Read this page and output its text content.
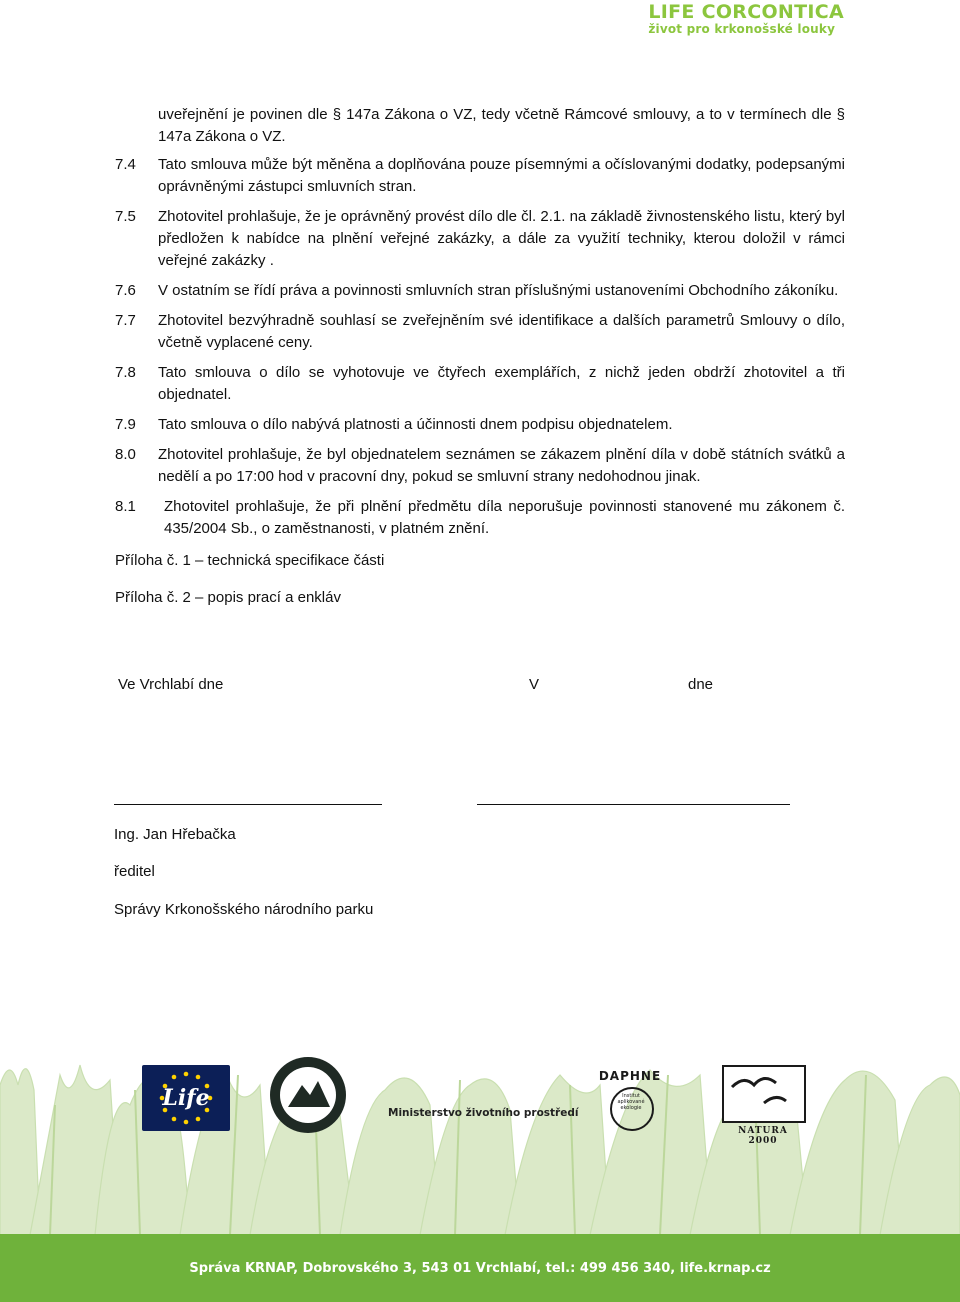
LIFE CORCONTICA
život pro krkonošské louky

uveřejnění je povinen dle § 147a Zákona o VZ, tedy včetně Rámcové smlouvy, a to v termínech dle § 147a Zákona o VZ.

7.4 Tato smlouva může být měněna a doplňována pouze písemnými a očíslovanými dodatky, podepsanými oprávněnými zástupci smluvních stran.

7.5 Zhotovitel prohlašuje, že je oprávněný provést dílo dle čl. 2.1. na základě živnostenského listu, který byl předložen k nabídce na plnění veřejné zakázky, a dále za využití techniky, kterou doložil v rámci veřejné zakázky .

7.6 V ostatním se řídí práva a povinnosti smluvních stran příslušnými ustanoveními Obchodního zákoníku.

7.7 Zhotovitel bezvýhradně souhlasí se zveřejněním své identifikace a dalších parametrů Smlouvy o dílo, včetně vyplacené ceny.

7.8 Tato smlouva o dílo se vyhotovuje ve čtyřech exemplářích, z nichž jeden obdrží zhotovitel a tři objednatel.

7.9 Tato smlouva o dílo nabývá platnosti a účinnosti dnem podpisu objednatelem.

8.0 Zhotovitel prohlašuje, že byl objednatelem seznámen se zákazem plnění díla v době státních svátků a nedělí a po 17:00 hod v pracovní dny, pokud se smluvní strany nedohodnou jinak.

8.1 Zhotovitel prohlašuje, že při plnění předmětu díla neporušuje povinnosti stanovené mu zákonem č. 435/2004 Sb., o zaměstnanosti, v platném znění.

Příloha č. 1 – technická specifikace části

Příloha č. 2 – popis prací a enkláv

Ve Vrchlabí dne	V	dne
Ing. Jan Hřebačka
ředitel
Správy Krkonošského národního parku
Life
Ministerstvo životního prostředí
DAPHNE
Institut aplikované ekologie
NATURA 2000
Správa KRNAP, Dobrovského 3, 543 01 Vrchlabí, tel.: 499 456 340, life.krnap.cz
